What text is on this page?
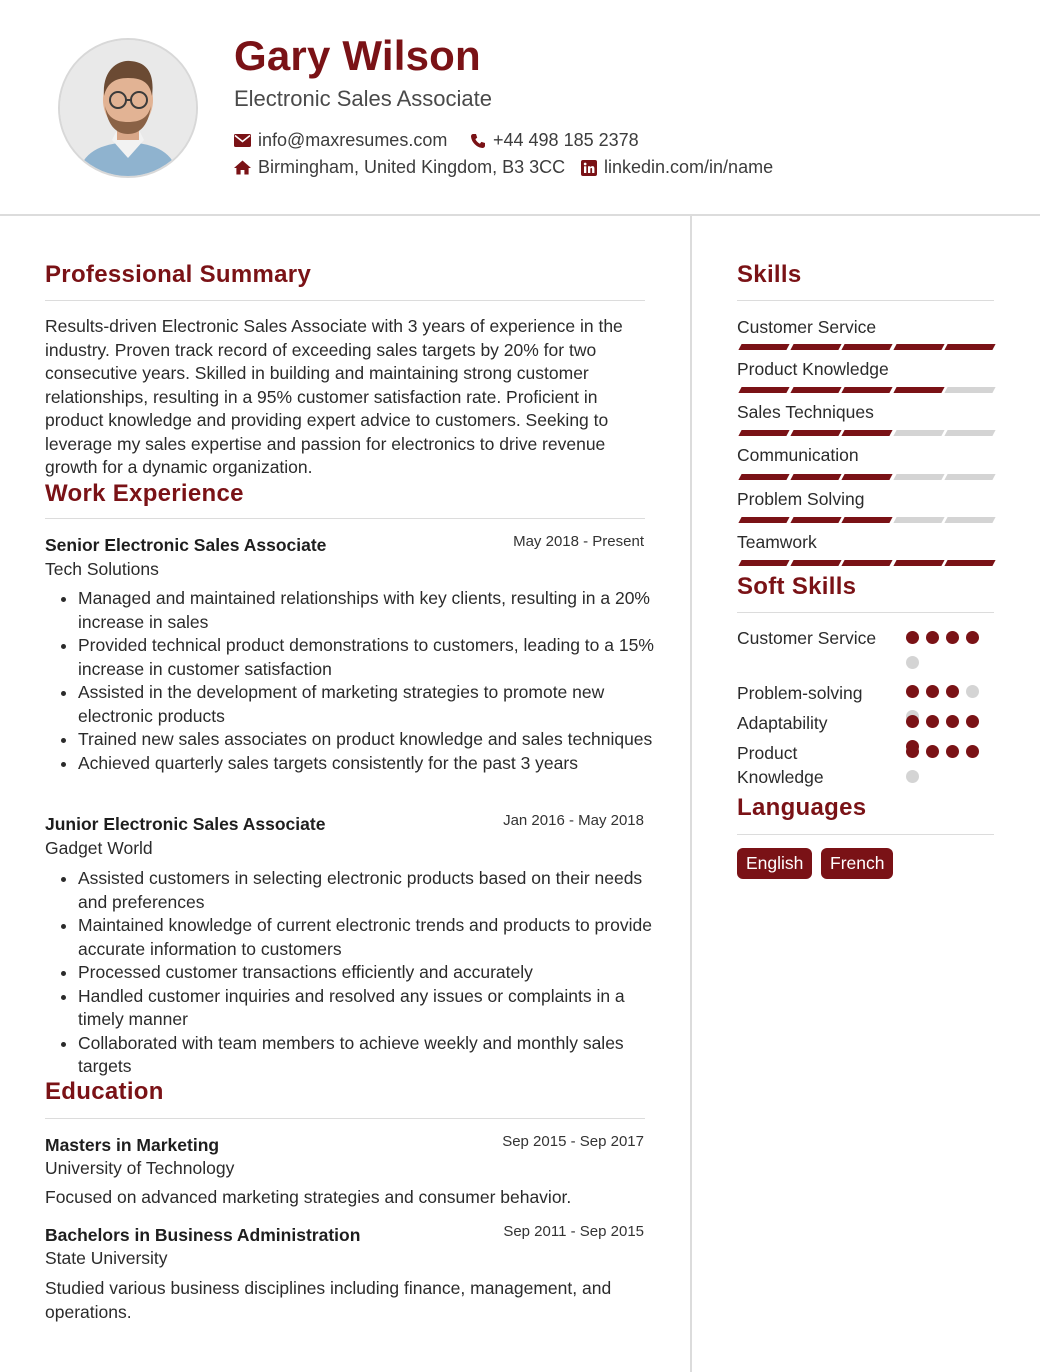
Gary Wilson
Electronic Sales Associate
info@maxresumes.com	+44 498 185 2378
Birmingham, United Kingdom, B3 3CC linkedin.com/in/name
Professional Summary
Results-driven Electronic Sales Associate with 3 years of experience in the industry. Proven track record of exceeding sales targets by 20% for two consecutive years. Skilled in building and maintaining strong customer relationships, resulting in a 95% customer satisfaction rate. Proficient in product knowledge and providing expert advice to customers. Seeking to leverage my sales expertise and passion for electronics to drive revenue growth for a dynamic organization.
Work Experience
Senior Electronic Sales Associate	May 2018 - Present
Tech Solutions
• Managed and maintained relationships with key clients, resulting in a 20% increase in sales
• Provided technical product demonstrations to customers, leading to a 15% increase in customer satisfaction
• Assisted in the development of marketing strategies to promote new electronic products
• Trained new sales associates on product knowledge and sales techniques
• Achieved quarterly sales targets consistently for the past 3 years
Junior Electronic Sales Associate	Jan 2016 - May 2018
Gadget World
• Assisted customers in selecting electronic products based on their needs and preferences
• Maintained knowledge of current electronic trends and products to provide accurate information to customers
• Processed customer transactions efficiently and accurately
• Handled customer inquiries and resolved any issues or complaints in a timely manner
• Collaborated with team members to achieve weekly and monthly sales targets
Education
Masters in Marketing	Sep 2015 - Sep 2017
University of Technology
Focused on advanced marketing strategies and consumer behavior.
Bachelors in Business Administration	Sep 2011 - Sep 2015
State University
Studied various business disciplines including finance, management, and operations.
Skills
Customer Service
Product Knowledge
Sales Techniques
Communication
Problem Solving
Teamwork
Soft Skills
Customer Service
Problem-solving
Adaptability
Product Knowledge
Languages
English	French
